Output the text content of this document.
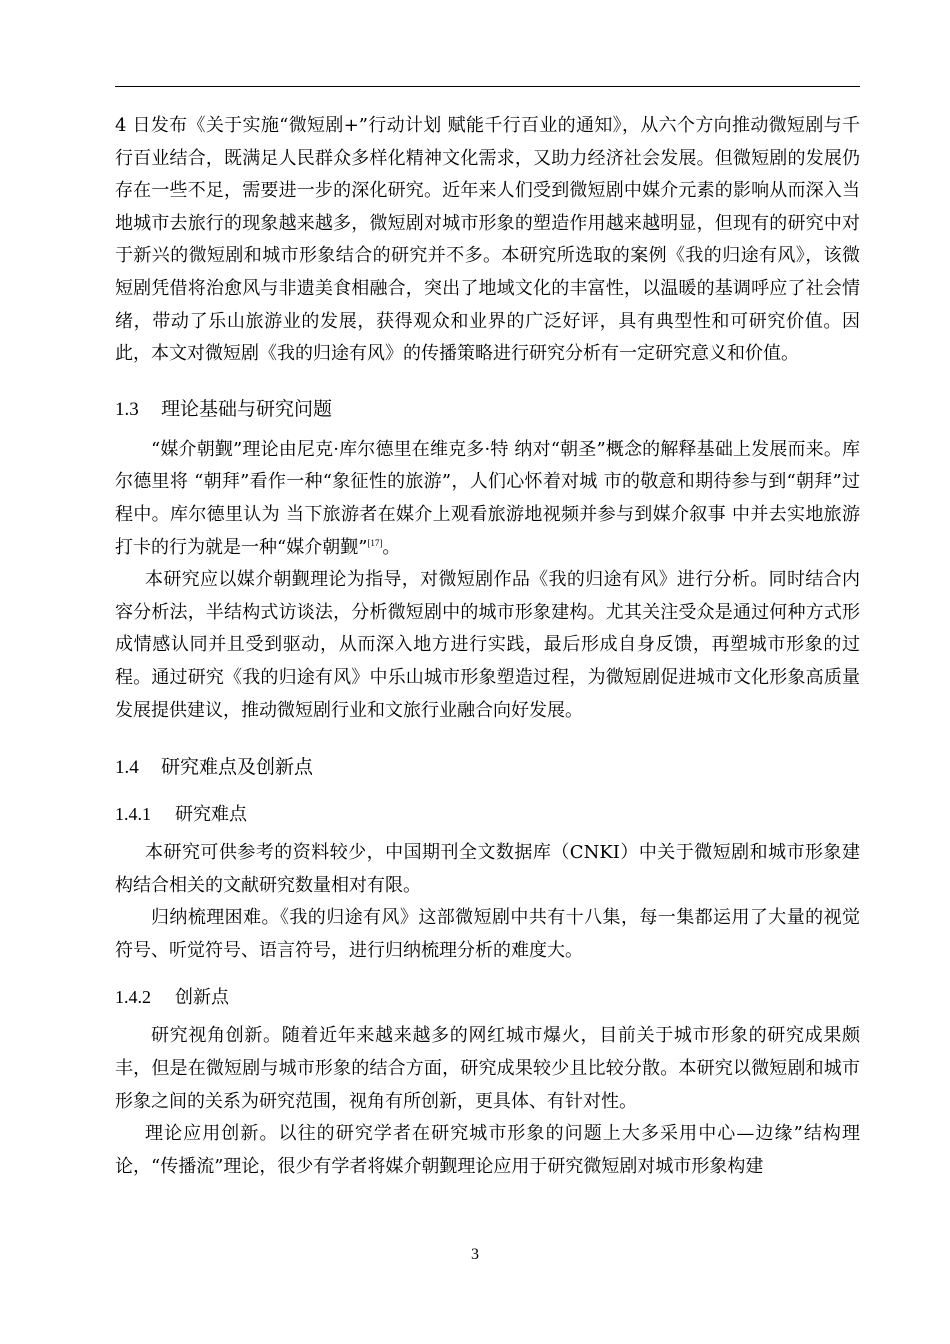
4 日发布《关于实施“微短剧+”行动计划 赋能千行百业的通知》，从六个方向推动微短剧与千行百业结合，既满足人民群众多样化精神文化需求，又助力经济社会发展。但微短剧的发展仍存在一些不足，需要进一步的深化研究。近年来人们受到微短剧中媒介元素的影响从而深入当地城市去旅行的现象越来越多，微短剧对城市形象的塑造作用越来越明显，但现有的研究中对于新兴的微短剧和城市形象结合的研究并不多。本研究所选取的案例《我的归途有风》，该微短剧凭借将治愈风与非遗美食相融合，突出了地域文化的丰富性，以温暖的基调呼应了社会情绪，带动了乐山旅游业的发展，获得观众和业界的广泛好评，具有典型性和可研究价值。因此，本文对微短剧《我的归途有风》的传播策略进行研究分析有一定研究意义和价值。

1.3 理论基础与研究问题

“媒介朝觐”理论由尼克·库尔德里在维克多·特 纳对“朝圣”概念的解释基础上发展而来。库尔德里将 “朝拜”看作一种“象征性的旅游”，人们心怀着对城 市的敬意和期待参与到“朝拜”过程中。库尔德里认为 当下旅游者在媒介上观看旅游地视频并参与到媒介叙事 中并去实地旅游打卡的行为就是一种“媒介朝觐”[17]。

本研究应以媒介朝觐理论为指导，对微短剧作品《我的归途有风》进行分析。同时结合内容分析法，半结构式访谈法，分析微短剧中的城市形象建构。尤其关注受众是通过何种方式形成情感认同并且受到驱动，从而深入地方进行实践，最后形成自身反馈，再塑城市形象的过程。通过研究《我的归途有风》中乐山城市形象塑造过程，为微短剧促进城市文化形象高质量发展提供建议，推动微短剧行业和文旅行业融合向好发展。

1.4 研究难点及创新点
1.4.1 研究难点

本研究可供参考的资料较少，中国期刊全文数据库（CNKI）中关于微短剧和城市形象建构结合相关的文献研究数量相对有限。

归纳梳理困难。《我的归途有风》这部微短剧中共有十八集，每一集都运用了大量的视觉符号、听觉符号、语言符号，进行归纳梳理分析的难度大。

1.4.2 创新点

研究视角创新。随着近年来越来越多的网红城市爆火，目前关于城市形象的研究成果颇丰，但是在微短剧与城市形象的结合方面，研究成果较少且比较分散。本研究以微短剧和城市形象之间的关系为研究范围，视角有所创新，更具体、有针对性。

理论应用创新。以往的研究学者在研究城市形象的问题上大多采用中心—边缘”结构理论，“传播流”理论，很少有学者将媒介朝觐理论应用于研究微短剧对城市形象构建

3
